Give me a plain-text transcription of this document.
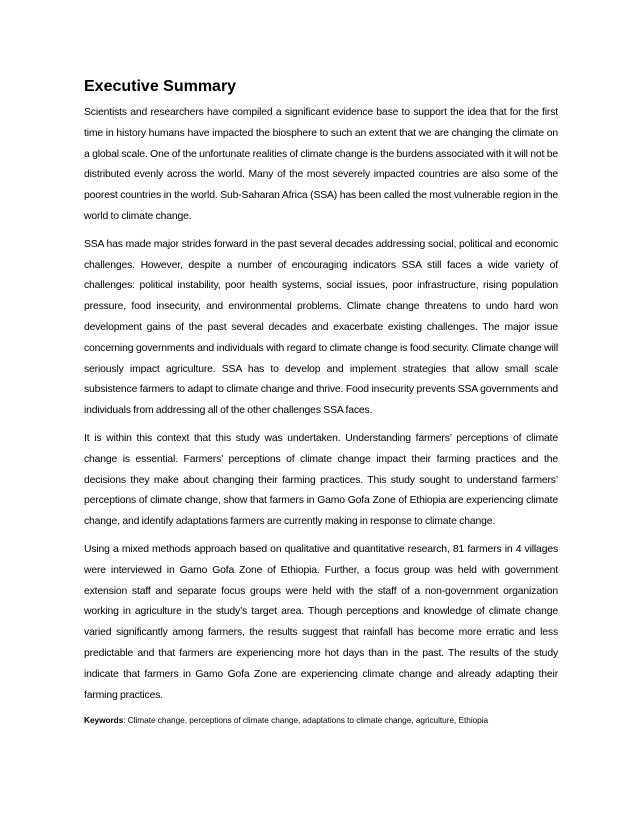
Executive Summary

Scientists and researchers have compiled a significant evidence base to support the idea that for the first time in history humans have impacted the biosphere to such an extent that we are changing the climate on a global scale. One of the unfortunate realities of climate change is the burdens associated with it will not be distributed evenly across the world. Many of the most severely impacted countries are also some of the poorest countries in the world. Sub-Saharan Africa (SSA) has been called the most vulnerable region in the world to climate change.

SSA has made major strides forward in the past several decades addressing social, political and economic challenges. However, despite a number of encouraging indicators SSA still faces a wide variety of challenges: political instability, poor health systems, social issues, poor infrastructure, rising population pressure, food insecurity, and environmental problems. Climate change threatens to undo hard won development gains of the past several decades and exacerbate existing challenges. The major issue concerning governments and individuals with regard to climate change is food security. Climate change will seriously impact agriculture. SSA has to develop and implement strategies that allow small scale subsistence farmers to adapt to climate change and thrive. Food insecurity prevents SSA governments and individuals from addressing all of the other challenges SSA faces.

It is within this context that this study was undertaken. Understanding farmers’ perceptions of climate change is essential. Farmers’ perceptions of climate change impact their farming practices and the decisions they make about changing their farming practices. This study sought to understand farmers’ perceptions of climate change, show that farmers in Gamo Gofa Zone of Ethiopia are experiencing climate change, and identify adaptations farmers are currently making in response to climate change.

Using a mixed methods approach based on qualitative and quantitative research, 81 farmers in 4 villages were interviewed in Gamo Gofa Zone of Ethiopia. Further, a focus group was held with government extension staff and separate focus groups were held with the staff of a non-government organization working in agriculture in the study’s target area. Though perceptions and knowledge of climate change varied significantly among farmers, the results suggest that rainfall has become more erratic and less predictable and that farmers are experiencing more hot days than in the past. The results of the study indicate that farmers in Gamo Gofa Zone are experiencing climate change and already adapting their farming practices.

Keywords: Climate change, perceptions of climate change, adaptations to climate change, agriculture, Ethiopia
